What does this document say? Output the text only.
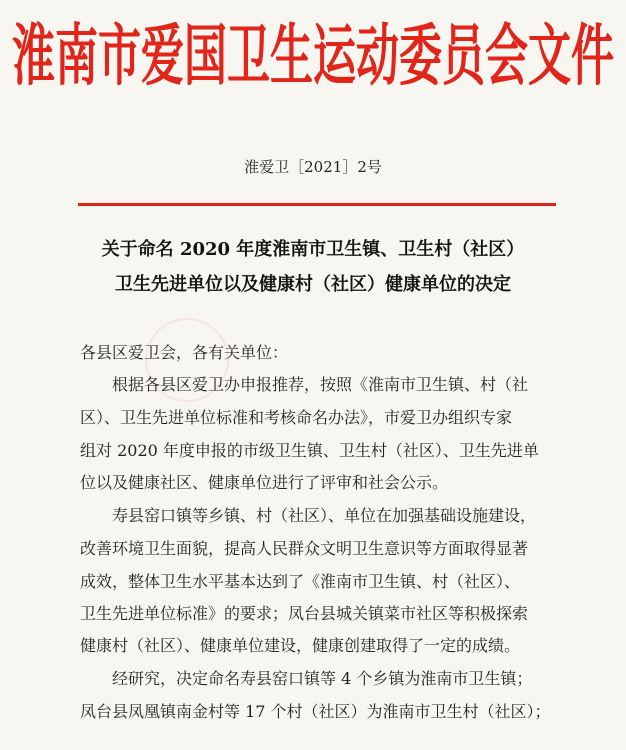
淮南市爱国卫生运动委员会文件
淮爱卫［2021］2号
关于命名 2020 年度淮南市卫生镇、卫生村（社区）
卫生先进单位以及健康村（社区）健康单位的决定
各县区爱卫会，各有关单位：
　　根据各县区爱卫办申报推荐，按照《淮南市卫生镇、村（社
区）、卫生先进单位标准和考核命名办法》，市爱卫办组织专家
组对 2020 年度申报的市级卫生镇、卫生村（社区）、卫生先进单
位以及健康社区、健康单位进行了评审和社会公示。
　　寿县窑口镇等乡镇、村（社区）、单位在加强基础设施建设，
改善环境卫生面貌，提高人民群众文明卫生意识等方面取得显著
成效，整体卫生水平基本达到了《淮南市卫生镇、村（社区）、
卫生先进单位标准》的要求；凤台县城关镇菜市社区等积极探索
健康村（社区）、健康单位建设，健康创建取得了一定的成绩。
　　经研究，决定命名寿县窑口镇等 4 个乡镇为淮南市卫生镇；
凤台县凤凰镇南金村等 17 个村（社区）为淮南市卫生村（社区）；
